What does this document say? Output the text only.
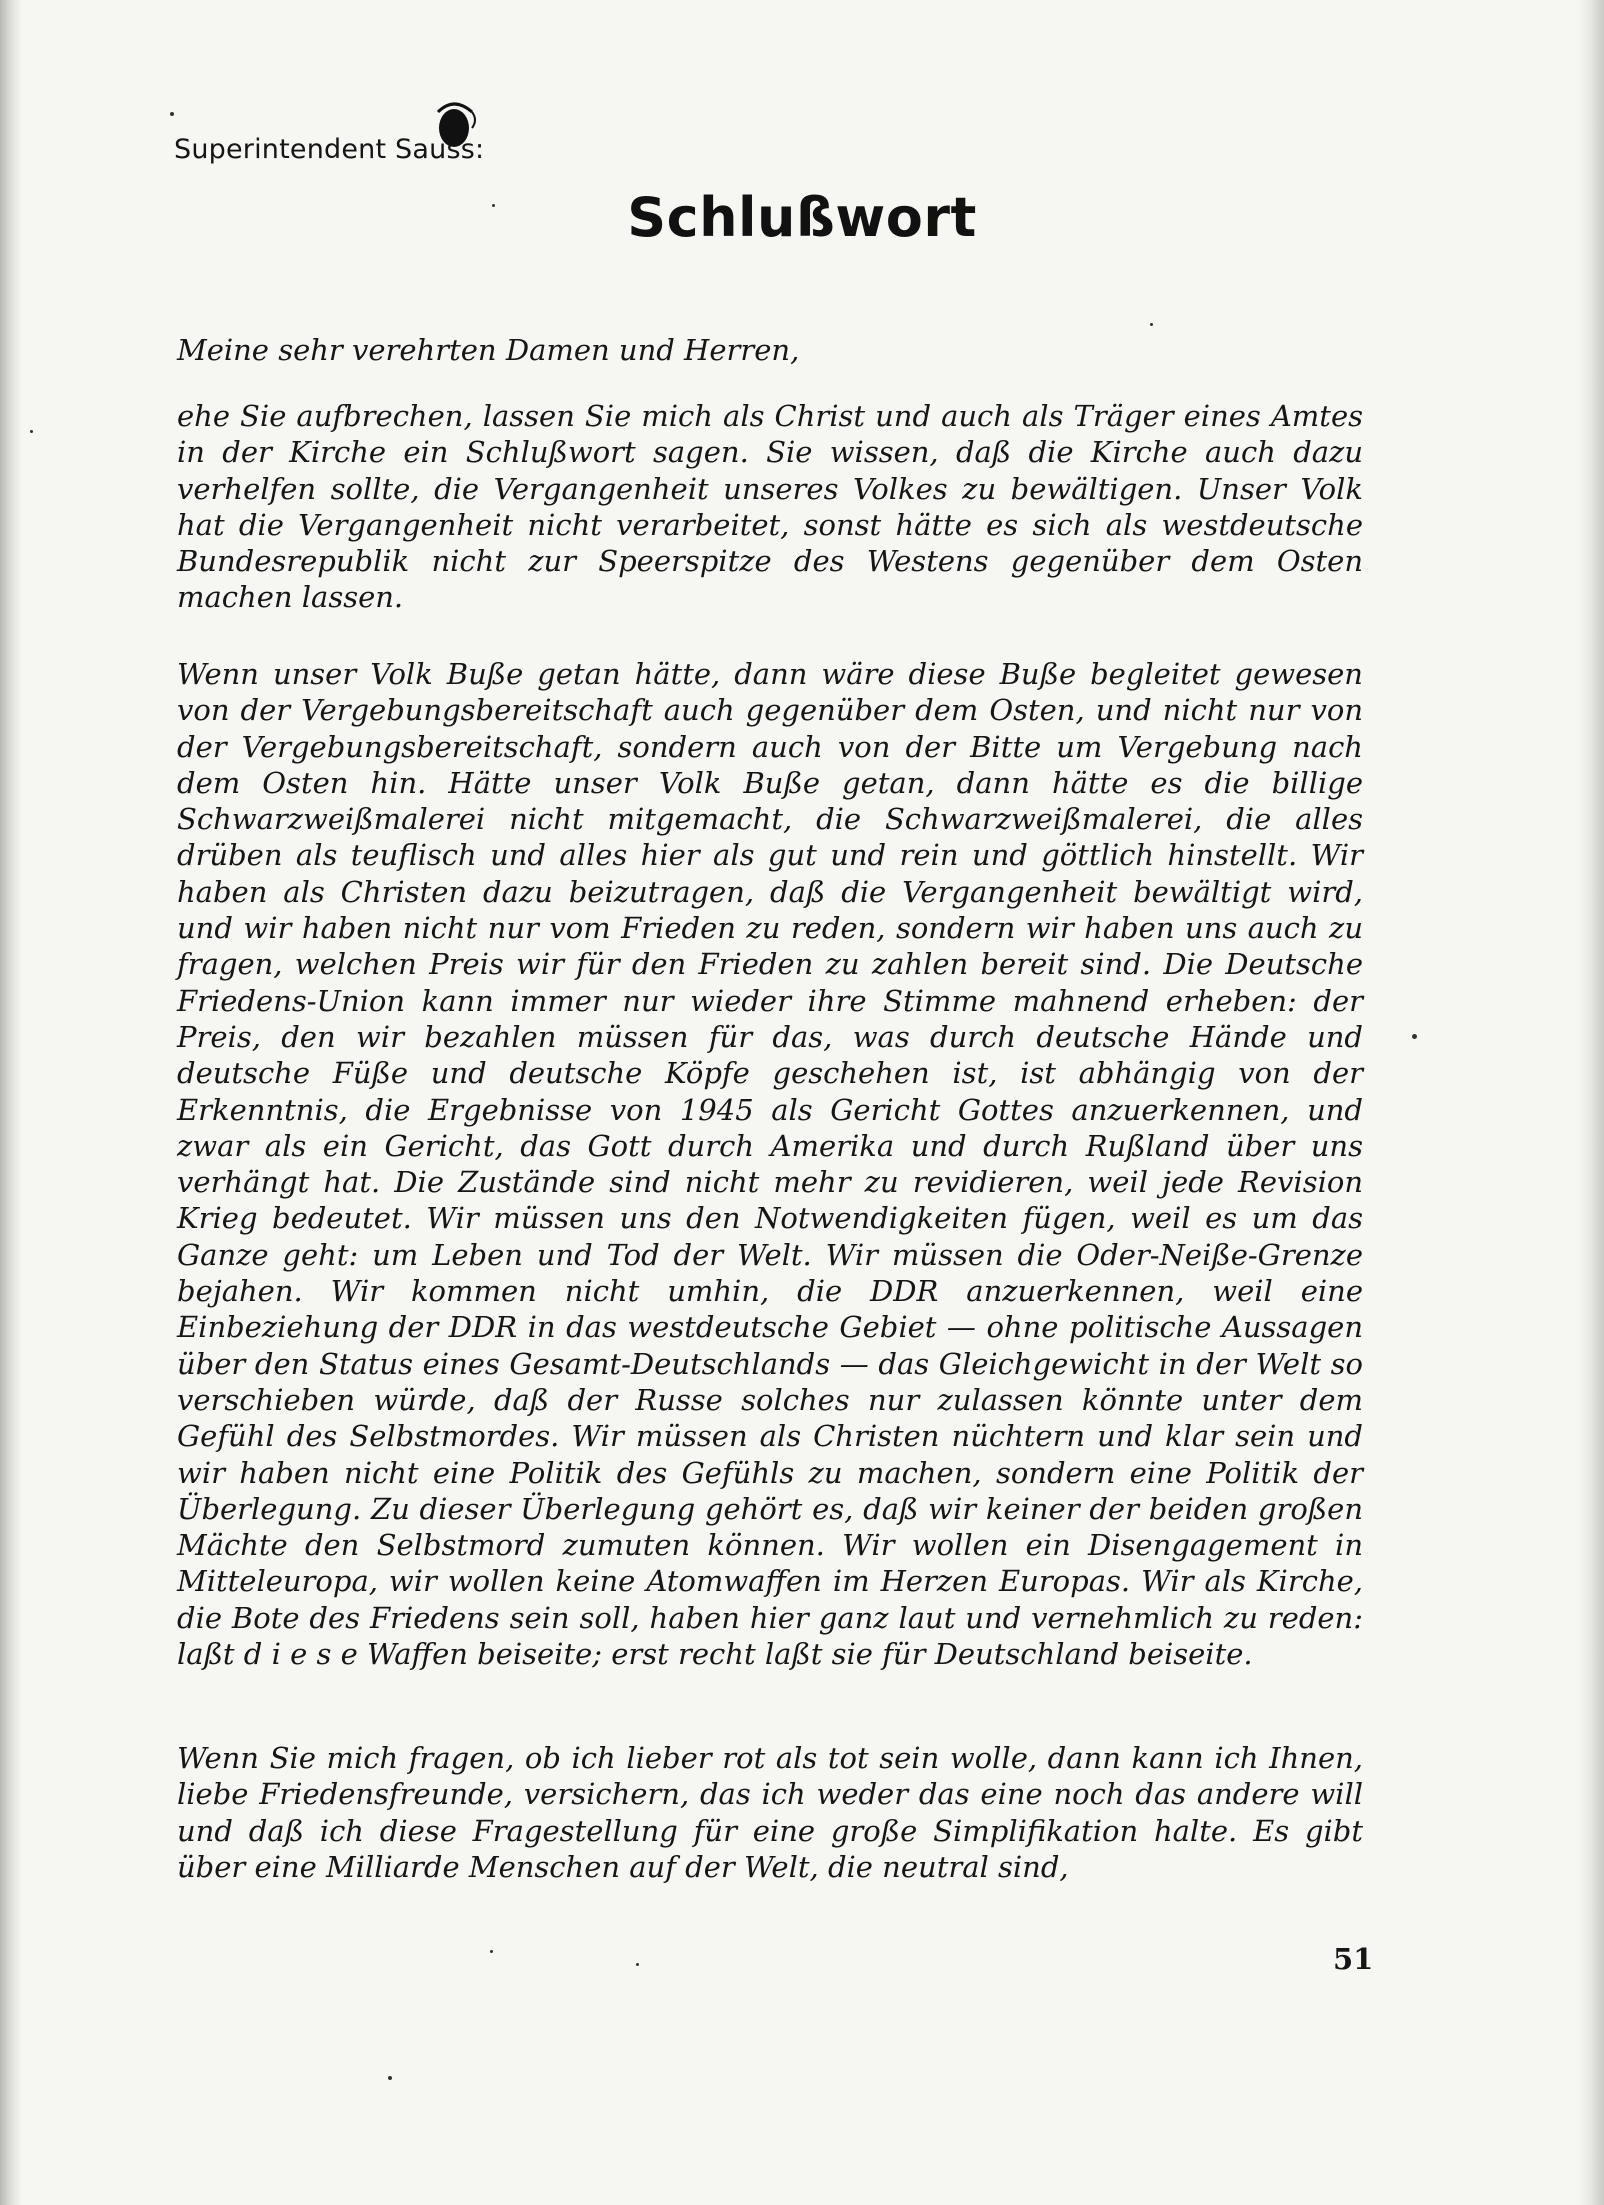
Superintendent Sauss:
Schlußwort
Meine sehr verehrten Damen und Herren,

ehe Sie aufbrechen, lassen Sie mich als Christ und auch als Träger eines Amtes in der Kirche ein Schlußwort sagen. Sie wissen, daß die Kirche auch dazu verhelfen sollte, die Vergangenheit unseres Volkes zu bewältigen. Unser Volk hat die Vergangenheit nicht verarbeitet, sonst hätte es sich als westdeutsche Bundesrepublik nicht zur Speerspitze des Westens gegenüber dem Osten machen lassen.

Wenn unser Volk Buße getan hätte, dann wäre diese Buße begleitet gewesen von der Vergebungsbereitschaft auch gegenüber dem Osten, und nicht nur von der Vergebungsbereitschaft, sondern auch von der Bitte um Vergebung nach dem Osten hin. Hätte unser Volk Buße getan, dann hätte es die billige Schwarzweißmalerei nicht mitgemacht, die Schwarzweißmalerei, die alles drüben als teuflisch und alles hier als gut und rein und göttlich hinstellt. Wir haben als Christen dazu beizutragen, daß die Vergangenheit bewältigt wird, und wir haben nicht nur vom Frieden zu reden, sondern wir haben uns auch zu fragen, welchen Preis wir für den Frieden zu zahlen bereit sind. Die Deutsche Friedens-Union kann immer nur wieder ihre Stimme mahnend erheben: der Preis, den wir bezahlen müssen für das, was durch deutsche Hände und deutsche Füße und deutsche Köpfe geschehen ist, ist abhängig von der Erkenntnis, die Ergebnisse von 1945 als Gericht Gottes anzuerkennen, und zwar als ein Gericht, das Gott durch Amerika und durch Rußland über uns verhängt hat. Die Zustände sind nicht mehr zu revidieren, weil jede Revision Krieg bedeutet. Wir müssen uns den Notwendigkeiten fügen, weil es um das Ganze geht: um Leben und Tod der Welt. Wir müssen die Oder-Neiße-Grenze bejahen. Wir kommen nicht umhin, die DDR anzuerkennen, weil eine Einbeziehung der DDR in das westdeutsche Gebiet — ohne politische Aussagen über den Status eines Gesamt-Deutschlands — das Gleichgewicht in der Welt so verschieben würde, daß der Russe solches nur zulassen könnte unter dem Gefühl des Selbstmordes. Wir müssen als Christen nüchtern und klar sein und wir haben nicht eine Politik des Gefühls zu machen, sondern eine Politik der Überlegung. Zu dieser Überlegung gehört es, daß wir keiner der beiden großen Mächte den Selbstmord zumuten können. Wir wollen ein Disengagement in Mitteleuropa, wir wollen keine Atomwaffen im Herzen Europas. Wir als Kirche, die Bote des Friedens sein soll, haben hier ganz laut und vernehmlich zu reden: laßt d i e s e Waffen beiseite; erst recht laßt sie für Deutschland beiseite.

Wenn Sie mich fragen, ob ich lieber rot als tot sein wolle, dann kann ich Ihnen, liebe Friedensfreunde, versichern, das ich weder das eine noch das andere will und daß ich diese Fragestellung für eine große Simplifikation halte. Es gibt über eine Milliarde Menschen auf der Welt, die neutral sind,

51
